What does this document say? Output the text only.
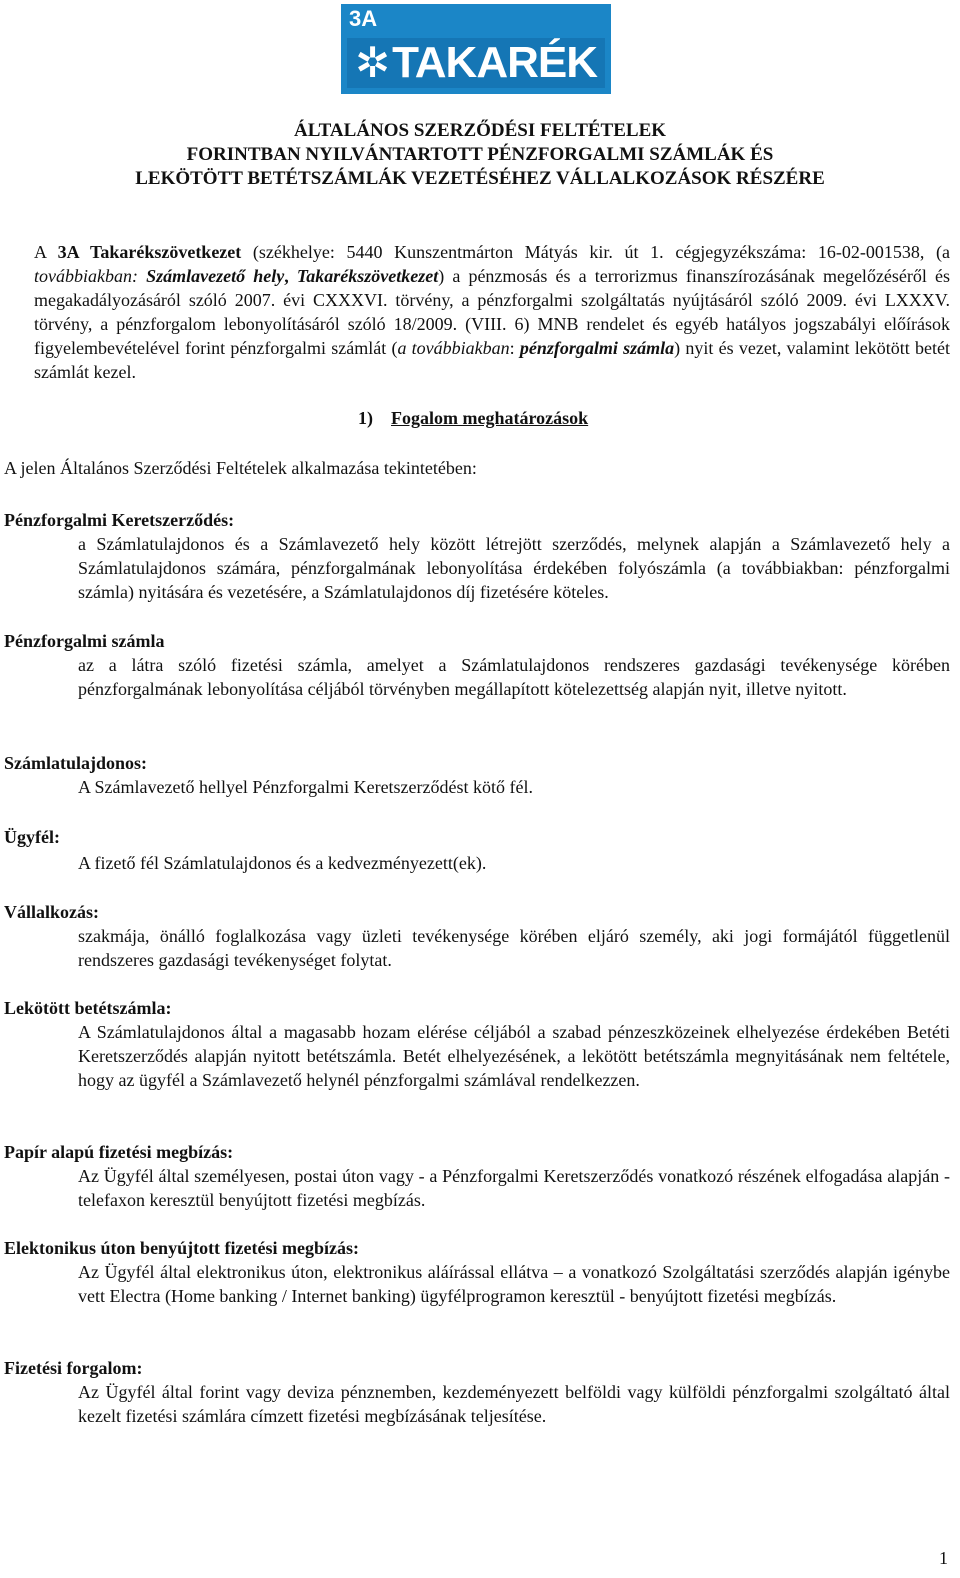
3A
✲ TAKARÉK
ÁLTALÁNOS SZERZŐDÉSI FELTÉTELEK
FORINTBAN NYILVÁNTARTOTT PÉNZFORGALMI SZÁMLÁK ÉS
LEKÖTÖTT BETÉTSZÁMLÁK VEZETÉSÉHEZ VÁLLALKOZÁSOK RÉSZÉRE
A 3A Takarékszövetkezet (székhelye: 5440 Kunszentmárton Mátyás kir. út 1. cégjegyzékszáma: 16-02-001538, (a továbbiakban: Számlavezető hely, Takarékszövetkezet) a pénzmosás és a terrorizmus finanszírozásának megelőzéséről és megakadályozásáról szóló 2007. évi CXXXVI. törvény, a pénzforgalmi szolgáltatás nyújtásáról szóló 2009. évi LXXXV. törvény, a pénzforgalom lebonyolításáról szóló 18/2009. (VIII. 6) MNB rendelet és egyéb hatályos jogszabályi előírások figyelembevételével forint pénzforgalmi számlát (a továbbiakban: pénzforgalmi számla) nyit és vezet, valamint lekötött betét számlát kezel.
1) Fogalom meghatározások
A jelen Általános Szerződési Feltételek alkalmazása tekintetében:
Pénzforgalmi Keretszerződés:
a Számlatulajdonos és a Számlavezető hely között létrejött szerződés, melynek alapján a Számlavezető hely a Számlatulajdonos számára, pénzforgalmának lebonyolítása érdekében folyószámla (a továbbiakban: pénzforgalmi számla) nyitására és vezetésére, a Számlatulajdonos díj fizetésére köteles.
Pénzforgalmi számla
az a látra szóló fizetési számla, amelyet a Számlatulajdonos rendszeres gazdasági tevékenysége körében pénzforgalmának lebonyolítása céljából törvényben megállapított kötelezettség alapján nyit, illetve nyitott.
Számlatulajdonos:
A Számlavezető hellyel Pénzforgalmi Keretszerződést kötő fél.
Ügyfél:
A fizető fél Számlatulajdonos és a kedvezményezett(ek).
Vállalkozás:
szakmája, önálló foglalkozása vagy üzleti tevékenysége körében eljáró személy, aki jogi formájától függetlenül rendszeres gazdasági tevékenységet folytat.
Lekötött betétszámla:
A Számlatulajdonos által a magasabb hozam elérése céljából a szabad pénzeszközeinek elhelyezése érdekében Betéti Keretszerződés alapján nyitott betétszámla. Betét elhelyezésének, a lekötött betétszámla megnyitásának nem feltétele, hogy az ügyfél a Számlavezető helynél pénzforgalmi számlával rendelkezzen.
Papír alapú fizetési megbízás:
Az Ügyfél által személyesen, postai úton vagy - a Pénzforgalmi Keretszerződés vonatkozó részének elfogadása alapján - telefaxon keresztül benyújtott fizetési megbízás.
Elektonikus úton benyújtott fizetési megbízás:
Az Ügyfél által elektronikus úton, elektronikus aláírással ellátva – a vonatkozó Szolgáltatási szerződés alapján igénybe vett Electra (Home banking / Internet banking) ügyfélprogramon keresztül - benyújtott fizetési megbízás.
Fizetési forgalom:
Az Ügyfél által forint vagy deviza pénznemben, kezdeményezett belföldi vagy külföldi pénzforgalmi szolgáltató által kezelt fizetési számlára címzett fizetési megbízásának teljesítése.
1
